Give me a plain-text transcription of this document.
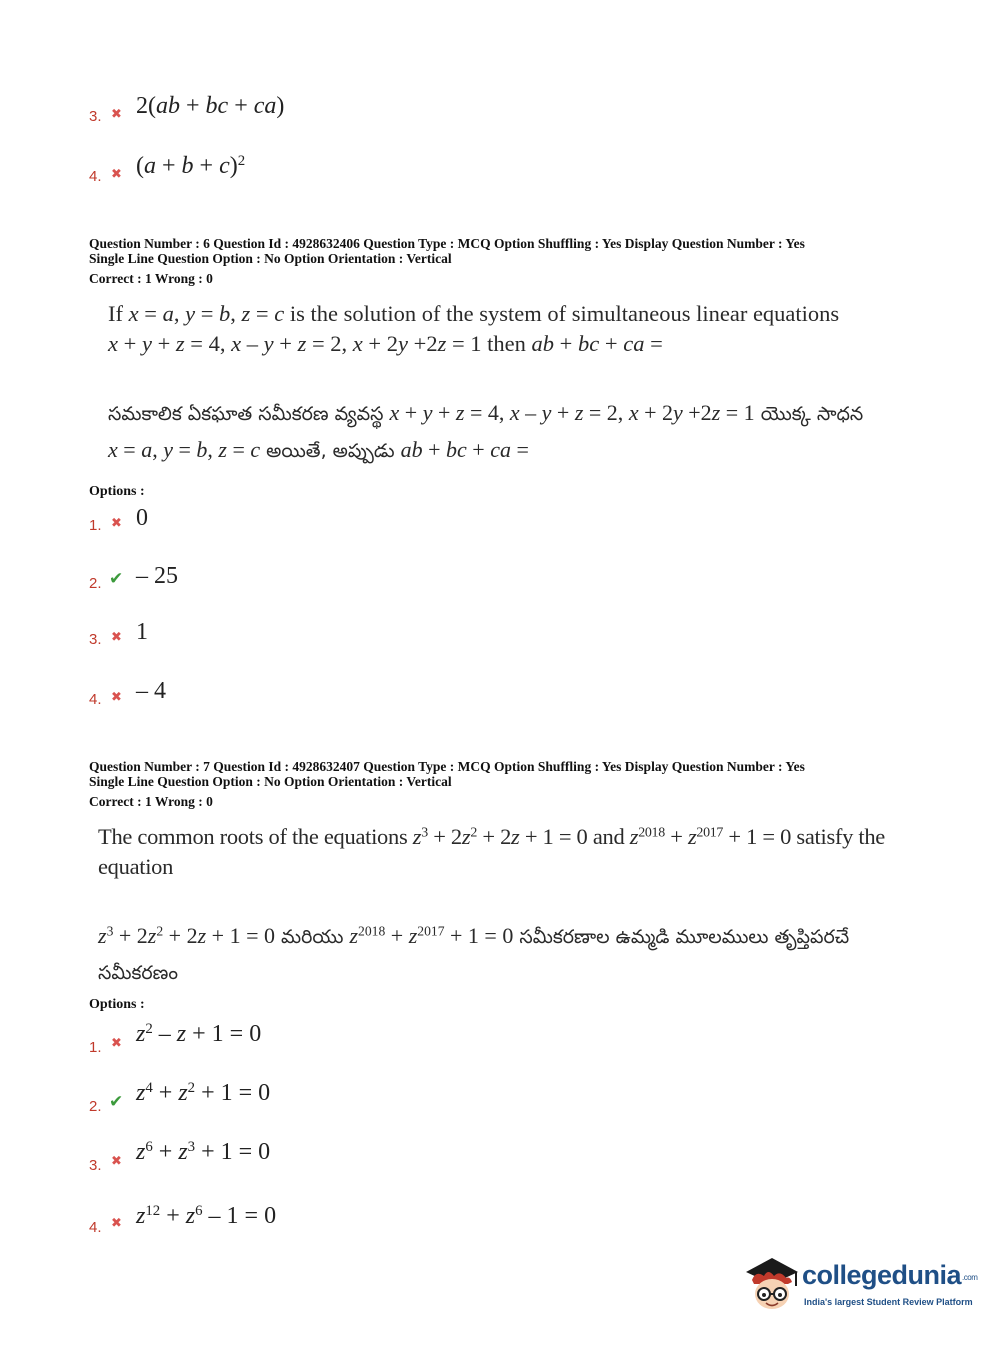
3. ✖ 2(ab + bc + ca)
4. ✖ $(a + b + c)^2$
Question Number : 6 Question Id : 4928632406 Question Type : MCQ Option Shuffling : Yes Display Question Number : Yes
Single Line Question Option : No Option Orientation : Vertical
Correct : 1 Wrong : 0
If x = a, y = b, z = c is the solution of the system of simultaneous linear equations
x + y + z = 4, x – y + z = 2, x + 2y +2z = 1 then ab + bc + ca =
సమకాలిక ఏకఘాత సమీకరణ వ్యవస్థ x + y + z = 4, x – y + z = 2, x + 2y +2z = 1 యొక్క సాధన
x = a, y = b, z = c అయితే, అప్పుడు ab + bc + ca =
Options :
1. ✖ 0
2. ✔ – 25
3. ✖ 1
4. ✖ – 4
Question Number : 7 Question Id : 4928632407 Question Type : MCQ Option Shuffling : Yes Display Question Number : Yes
Single Line Question Option : No Option Orientation : Vertical
Correct : 1 Wrong : 0
The common roots of the equations $z^3 + 2z^2 + 2z + 1 = 0$ and $z^{2018} + z^{2017} + 1 = 0$ satisfy the
equation
$z^3 + 2z^2 + 2z + 1 = 0$ మరియు $z^{2018} + z^{2017} + 1 = 0$ సమీకరణాల ఉమ్మడి మూలములు తృప్తిపరచే
సమీకరణం
Options :
1. ✖ $z^2 - z + 1 = 0$
2. ✔ $z^4 + z^2 + 1 = 0$
3. ✖ $z^6 + z^3 + 1 = 0$
4. ✖ $z^{12} + z^6 - 1 = 0$
collegedunia.com
India's largest Student Review Platform
